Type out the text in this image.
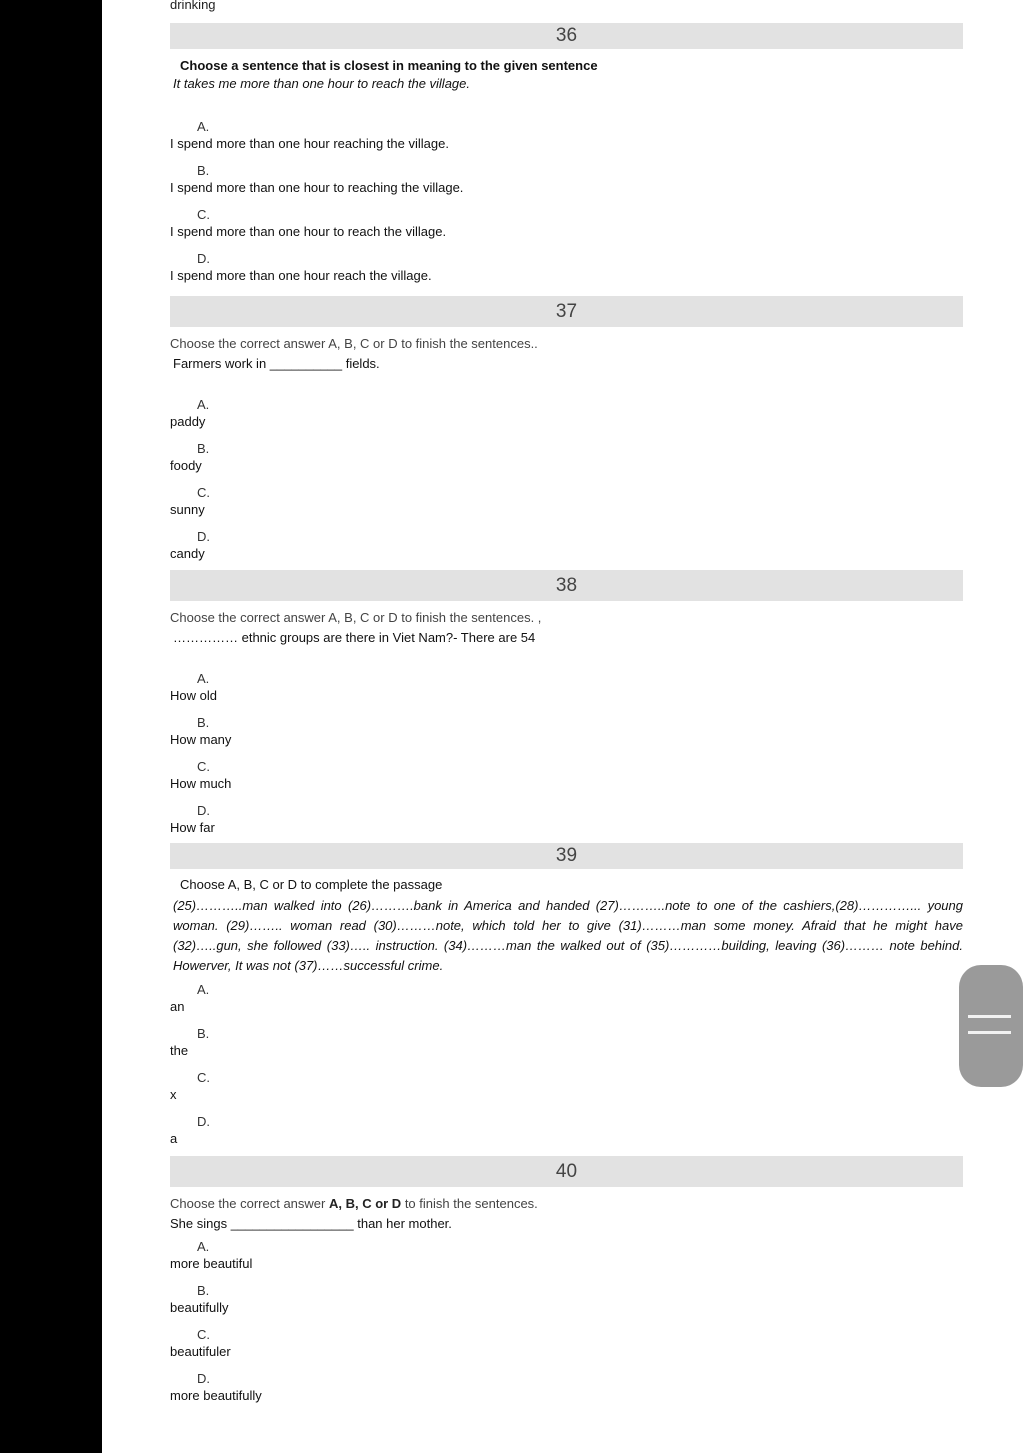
drinking
36
Choose a sentence that is closest in meaning to the given sentence
It takes me more than one hour to reach the village.
A.
I spend more than one hour reaching the village.
B.
I spend more than one hour to reaching the village.
C.
I spend more than one hour to reach the village.
D.
I spend more than one hour reach the village.
37
Choose the correct answer A, B, C or D to finish the sentences..
Farmers work in __________ fields.
A.
paddy
B.
foody
C.
sunny
D.
candy
38
Choose the correct answer A, B, C or D to finish the sentences. ,
…………… ethnic groups are there in Viet Nam?- There are 54
A.
How old
B.
How many
C.
How much
D.
How far
39
Choose A, B, C or D to complete the passage
(25)………..man walked into (26)……….bank in America and handed (27)………..note to one of the cashiers,(28)…………... young woman. (29)…….. woman read (30)………note, which told her to give (31)………man some money. Afraid that he might have (32)…..gun, she followed (33)….. instruction. (34)………man the walked out of (35)…………building, leaving (36)……… note behind. Howerver, It was not (37)……successful crime.
A.
an
B.
the
C.
x
D.
a
40
Choose the correct answer A, B, C or D to finish the sentences.
She sings _________________ than her mother.
A.
more beautiful
B.
beautifully
C.
beautifuler
D.
more beautifully
